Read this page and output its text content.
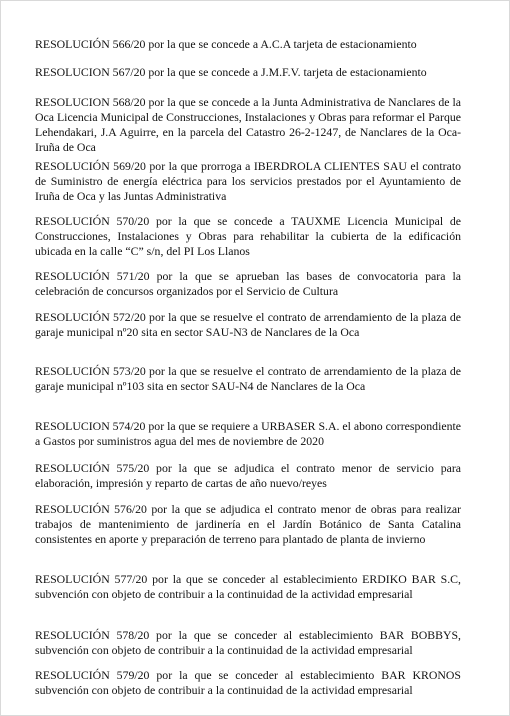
RESOLUCIÓN 566/20 por la que se concede a A.C.A tarjeta de estacionamiento

RESOLUCION 567/20 por la que se concede a J.M.F.V. tarjeta de estacionamiento

RESOLUCION 568/20 por la que se concede a la Junta Administrativa de Nanclares de la Oca Licencia Municipal de Construcciones, Instalaciones y Obras para reformar el Parque Lehendakari, J.A Aguirre, en la parcela del Catastro 26-2-1247, de Nanclares de la Oca-Iruña de Oca

RESOLUCIÓN 569/20 por la que prorroga a IBERDROLA CLIENTES SAU el contrato de Suministro de energía eléctrica para los servicios prestados por el Ayuntamiento de Iruña de Oca y las Juntas Administrativa

RESOLUCIÓN 570/20 por la que se concede a TAUXME Licencia Municipal de Construcciones, Instalaciones y Obras para rehabilitar la cubierta de la edificación ubicada en la calle “C” s/n, del PI Los Llanos

RESOLUCIÓN 571/20 por la que se aprueban las bases de convocatoria para la celebración de concursos organizados por el Servicio de Cultura

RESOLUCIÓN 572/20 por la que se resuelve el contrato de arrendamiento de la plaza de garaje municipal nº20 sita en sector SAU-N3 de Nanclares de la Oca

RESOLUCIÓN 573/20 por la que se resuelve el contrato de arrendamiento de la plaza de garaje municipal nº103 sita en sector SAU-N4 de Nanclares de la Oca

RESOLUCION 574/20 por la que se requiere a URBASER S.A. el abono correspondiente a Gastos por suministros agua del mes de noviembre de 2020

RESOLUCIÓN 575/20 por la que se adjudica el contrato menor de servicio para elaboración, impresión y reparto de cartas de año nuevo/reyes

RESOLUCIÓN 576/20 por la que se adjudica el contrato menor de obras para realizar trabajos de mantenimiento de jardinería en el Jardín Botánico de Santa Catalina consistentes en aporte y preparación de terreno para plantado de planta de invierno

RESOLUCIÓN 577/20 por la que se conceder al establecimiento ERDIKO BAR S.C, subvención con objeto de contribuir a la continuidad de la actividad empresarial

RESOLUCIÓN 578/20 por la que se conceder al establecimiento BAR BOBBYS, subvención con objeto de contribuir a la continuidad de la actividad empresarial

RESOLUCIÓN 579/20 por la que se conceder al establecimiento BAR KRONOS subvención con objeto de contribuir a la continuidad de la actividad empresarial
